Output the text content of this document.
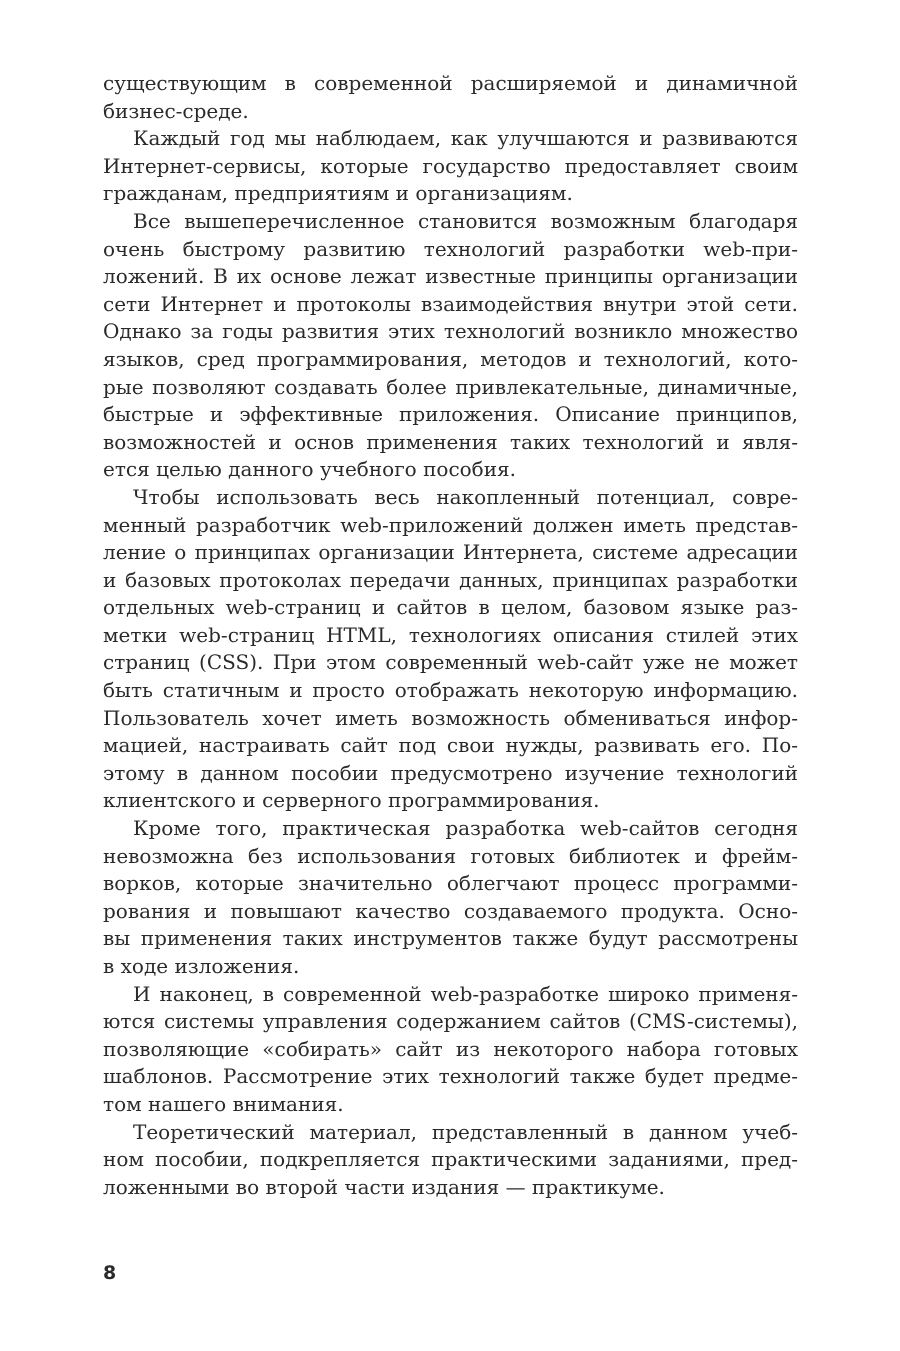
существующим в современной расширяемой и динамичной
бизнес-среде.
Каждый год мы наблюдаем, как улучшаются и развиваются
Интернет-сервисы, которые государство предоставляет своим
гражданам, предприятиям и организациям.
Все вышеперечисленное становится возможным благодаря
очень быстрому развитию технологий разработки web-при-
ложений. В их основе лежат известные принципы организации
сети Интернет и протоколы взаимодействия внутри этой сети.
Однако за годы развития этих технологий возникло множество
языков, сред программирования, методов и технологий, кото-
рые позволяют создавать более привлекательные, динамичные,
быстрые и эффективные приложения. Описание принципов,
возможностей и основ применения таких технологий и явля-
ется целью данного учебного пособия.
Чтобы использовать весь накопленный потенциал, совре-
менный разработчик web-приложений должен иметь представ-
ление о принципах организации Интернета, системе адресации
и базовых протоколах передачи данных, принципах разработки
отдельных web-страниц и сайтов в целом, базовом языке раз-
метки web-страниц HTML, технологиях описания стилей этих
страниц (CSS). При этом современный web-сайт уже не может
быть статичным и просто отображать некоторую информацию.
Пользователь хочет иметь возможность обмениваться инфор-
мацией, настраивать сайт под свои нужды, развивать его. По-
этому в данном пособии предусмотрено изучение технологий
клиентского и серверного программирования.
Кроме того, практическая разработка web-сайтов сегодня
невозможна без использования готовых библиотек и фрейм-
ворков, которые значительно облегчают процесс программи-
рования и повышают качество создаваемого продукта. Осно-
вы применения таких инструментов также будут рассмотрены
в ходе изложения.
И наконец, в современной web-разработке широко применя-
ются системы управления содержанием сайтов (CMS-системы),
позволяющие «собирать» сайт из некоторого набора готовых
шаблонов. Рассмотрение этих технологий также будет предме-
том нашего внимания.
Теоретический материал, представленный в данном учеб-
ном пособии, подкрепляется практическими заданиями, пред-
ложенными во второй части издания — практикуме.
8
